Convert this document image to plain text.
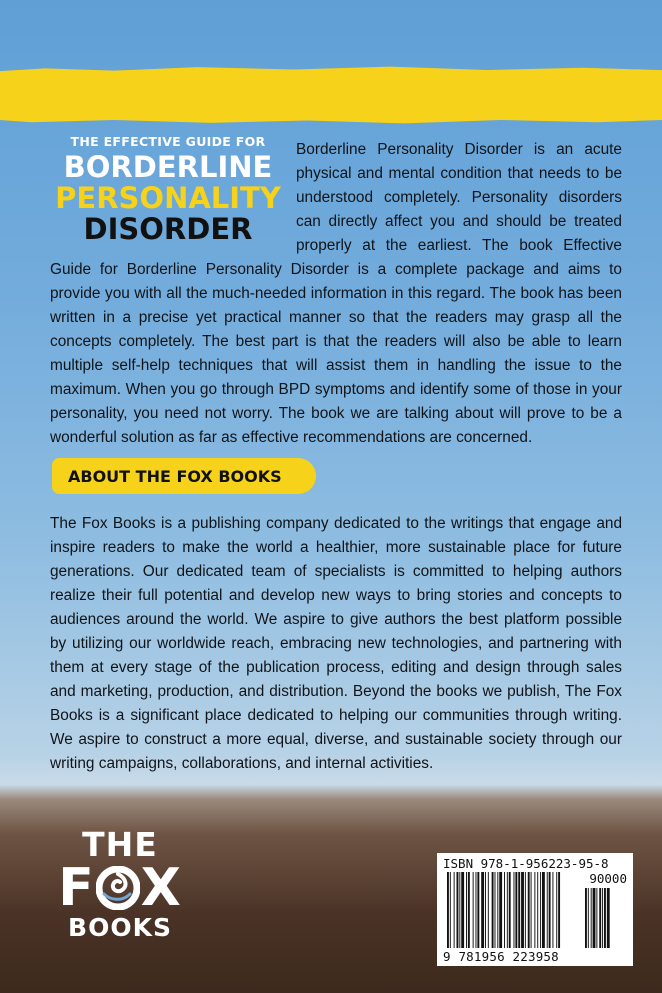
THE EFFECTIVE GUIDE FOR
BORDERLINE
PERSONALITY
DISORDER

Borderline Personality Disorder is an acute physical and mental condition that needs to be understood completely. Personality disorders can directly affect you and should be treated properly at the earliest. The book Effective Guide for Borderline Personality Disorder is a complete package and aims to provide you with all the much-needed information in this regard. The book has been written in a precise yet practical manner so that the readers may grasp all the concepts completely. The best part is that the readers will also be able to learn multiple self-help techniques that will assist them in handling the issue to the maximum. When you go through BPD symptoms and identify some of those in your personality, you need not worry. The book we are talking about will prove to be a wonderful solution as far as effective recommendations are concerned.

ABOUT THE FOX BOOKS

The Fox Books is a publishing company dedicated to the writings that engage and inspire readers to make the world a healthier, more sustainable place for future generations. Our dedicated team of specialists is committed to helping authors realize their full potential and develop new ways to bring stories and concepts to audiences around the world. We aspire to give authors the best platform possible by utilizing our worldwide reach, embracing new technologies, and partnering with them at every stage of the publication process, editing and design through sales and marketing, production, and distribution. Beyond the books we publish, The Fox Books is a significant place dedicated to helping our communities through writing. We aspire to construct a more equal, diverse, and sustainable society through our writing campaigns, collaborations, and internal activities.

THE
F X
BOOKS
ISBN 978-1-956223-95-8
90000
9 781956 223958
